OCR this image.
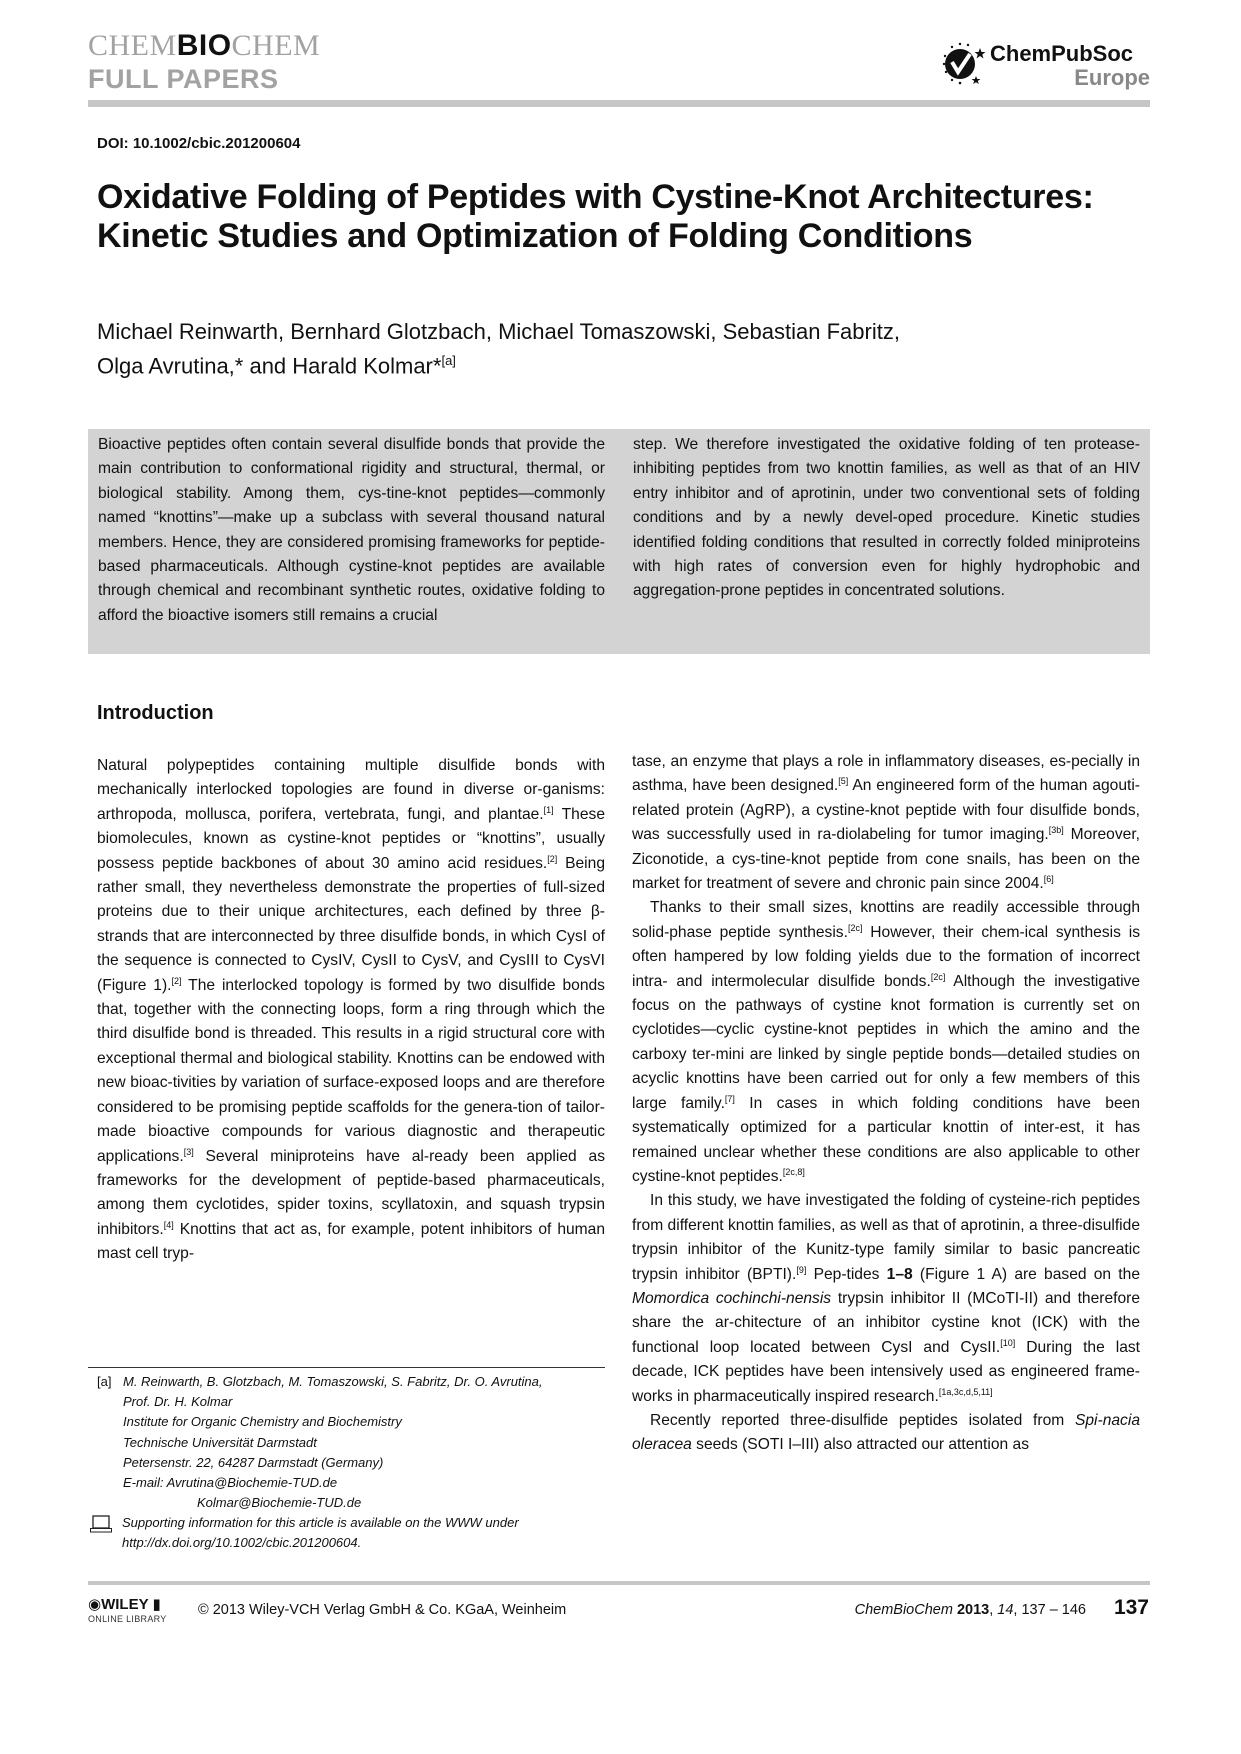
CHEMBIOCHEM
FULL PAPERS
ChemPubSoc
Europe
DOI: 10.1002/cbic.201200604
Oxidative Folding of Peptides with Cystine-Knot Architectures: Kinetic Studies and Optimization of Folding Conditions
Michael Reinwarth, Bernhard Glotzbach, Michael Tomaszowski, Sebastian Fabritz,
Olga Avrutina,* and Harald Kolmar*[a]
Bioactive peptides often contain several disulfide bonds that provide the main contribution to conformational rigidity and structural, thermal, or biological stability. Among them, cys-tine-knot peptides—commonly named “knottins”—make up a subclass with several thousand natural members. Hence, they are considered promising frameworks for peptide-based pharmaceuticals. Although cystine-knot peptides are available through chemical and recombinant synthetic routes, oxidative folding to afford the bioactive isomers still remains a crucial
step. We therefore investigated the oxidative folding of ten protease-inhibiting peptides from two knottin families, as well as that of an HIV entry inhibitor and of aprotinin, under two conventional sets of folding conditions and by a newly devel-oped procedure. Kinetic studies identified folding conditions that resulted in correctly folded miniproteins with high rates of conversion even for highly hydrophobic and aggregation-prone peptides in concentrated solutions.
Introduction

Natural polypeptides containing multiple disulfide bonds with mechanically interlocked topologies are found in diverse or-ganisms: arthropoda, mollusca, porifera, vertebrata, fungi, and plantae.[1] These biomolecules, known as cystine-knot peptides or “knottins”, usually possess peptide backbones of about 30 amino acid residues.[2] Being rather small, they nevertheless demonstrate the properties of full-sized proteins due to their unique architectures, each defined by three β-strands that are interconnected by three disulfide bonds, in which CysI of the sequence is connected to CysIV, CysII to CysV, and CysIII to CysVI (Figure 1).[2] The interlocked topology is formed by two disulfide bonds that, together with the connecting loops, form a ring through which the third disulfide bond is threaded. This results in a rigid structural core with exceptional thermal and biological stability. Knottins can be endowed with new bioac-tivities by variation of surface-exposed loops and are therefore considered to be promising peptide scaffolds for the genera-tion of tailor-made bioactive compounds for various diagnostic and therapeutic applications.[3] Several miniproteins have al-ready been applied as frameworks for the development of peptide-based pharmaceuticals, among them cyclotides, spider toxins, scyllatoxin, and squash trypsin inhibitors.[4] Knottins that act as, for example, potent inhibitors of human mast cell tryp-

tase, an enzyme that plays a role in inflammatory diseases, es-pecially in asthma, have been designed.[5] An engineered form of the human agouti-related protein (AgRP), a cystine-knot peptide with four disulfide bonds, was successfully used in ra-diolabeling for tumor imaging.[3b] Moreover, Ziconotide, a cys-tine-knot peptide from cone snails, has been on the market for treatment of severe and chronic pain since 2004.[6]

Thanks to their small sizes, knottins are readily accessible through solid-phase peptide synthesis.[2c] However, their chem-ical synthesis is often hampered by low folding yields due to the formation of incorrect intra- and intermolecular disulfide bonds.[2c] Although the investigative focus on the pathways of cystine knot formation is currently set on cyclotides—cyclic cystine-knot peptides in which the amino and the carboxy ter-mini are linked by single peptide bonds—detailed studies on acyclic knottins have been carried out for only a few members of this large family.[7] In cases in which folding conditions have been systematically optimized for a particular knottin of inter-est, it has remained unclear whether these conditions are also applicable to other cystine-knot peptides.[2c,8]

In this study, we have investigated the folding of cysteine-rich peptides from different knottin families, as well as that of aprotinin, a three-disulfide trypsin inhibitor of the Kunitz-type family similar to basic pancreatic trypsin inhibitor (BPTI).[9] Pep-tides 1–8 (Figure 1 A) are based on the Momordica cochinchi-nensis trypsin inhibitor II (MCoTI-II) and therefore share the ar-chitecture of an inhibitor cystine knot (ICK) with the functional loop located between CysI and CysII.[10] During the last decade, ICK peptides have been intensively used as engineered frame-works in pharmaceutically inspired research.[1a,3c,d,5,11]

Recently reported three-disulfide peptides isolated from Spi-nacia oleracea seeds (SOTI I–III) also attracted our attention as

[a] M. Reinwarth, B. Glotzbach, M. Tomaszowski, S. Fabritz, Dr. O. Avrutina,
Prof. Dr. H. Kolmar
Institute for Organic Chemistry and Biochemistry
Technische Universität Darmstadt
Petersenstr. 22, 64287 Darmstadt (Germany)
E-mail: Avrutina@Biochemie-TUD.de
Kolmar@Biochemie-TUD.de
Supporting information for this article is available on the WWW under
http://dx.doi.org/10.1002/cbic.201200604.
◉WILEY ▮
ONLINE LIBRARY
© 2013 Wiley-VCH Verlag GmbH & Co. KGaA, Weinheim	ChemBioChem 2013, 14, 137 – 146 137
